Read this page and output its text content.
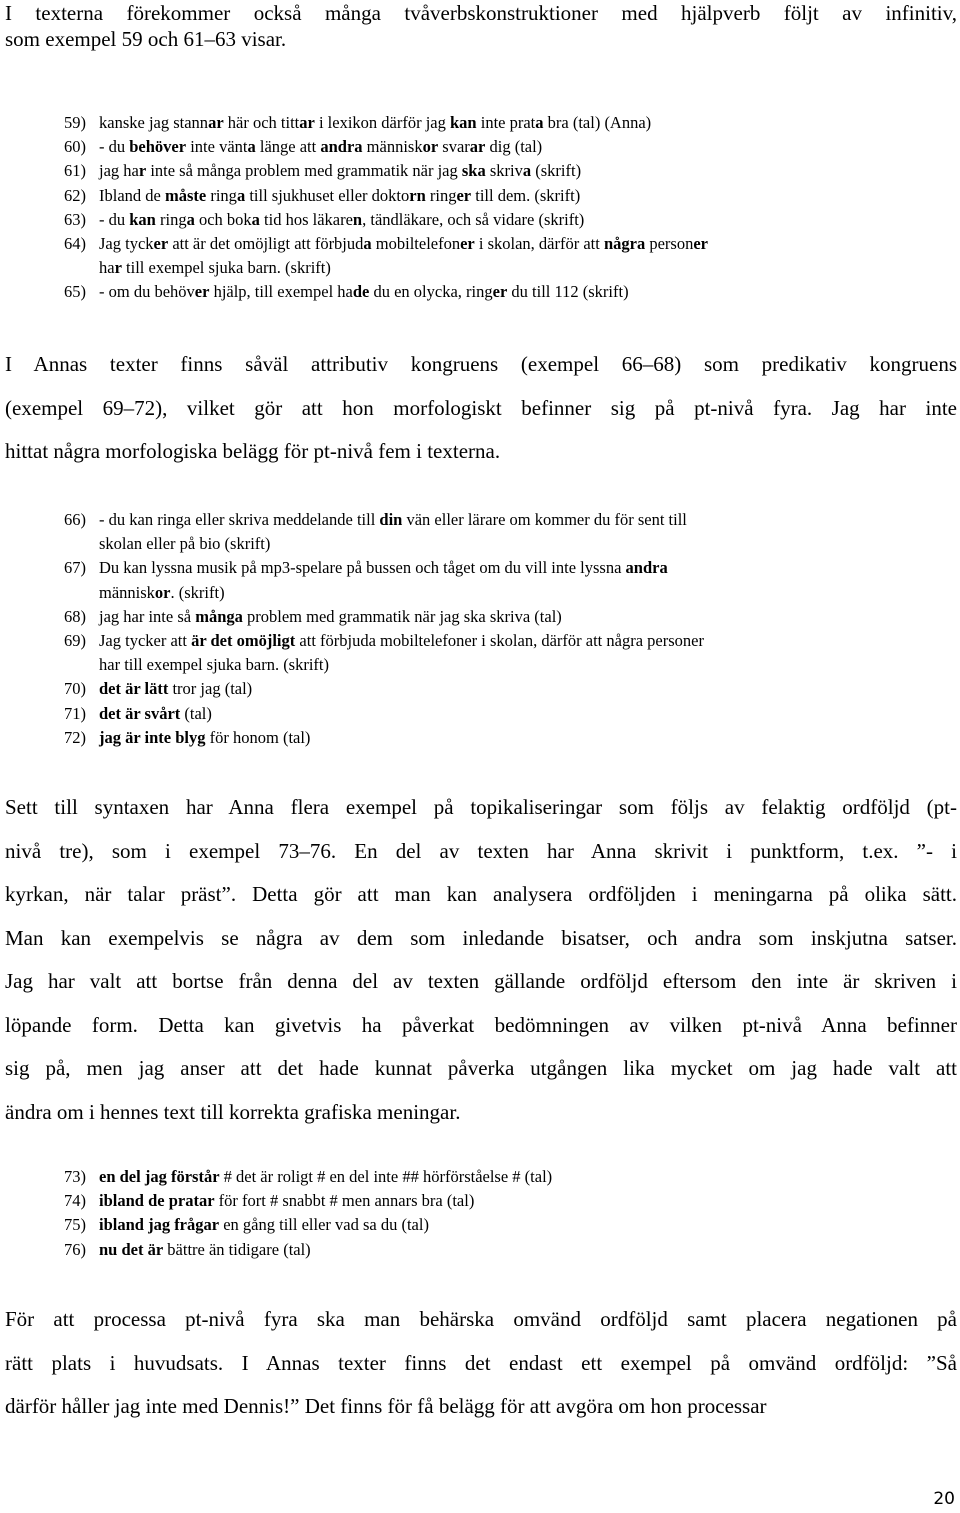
I texterna förekommer också många tvåverbskonstruktioner med hjälpverb följt av infinitiv,
som exempel 59 och 61–63 visar.
59) kanske jag stannar här och tittar i lexikon därför jag kan inte prata bra (tal) (Anna)
60) - du behöver inte vänta länge att andra människor svarar dig (tal)
61) jag har inte så många problem med grammatik när jag ska skriva (skrift)
62) Ibland de måste ringa till sjukhuset eller doktorn ringer till dem. (skrift)
63) - du kan ringa och boka tid hos läkaren, tändläkare, och så vidare (skrift)
64) Jag tycker att är det omöjligt att förbjuda mobiltelefoner i skolan, därför att några personer
har till exempel sjuka barn. (skrift)
65) - om du behöver hjälp, till exempel hade du en olycka, ringer du till 112 (skrift)
I Annas texter finns såväl attributiv kongruens (exempel 66–68) som predikativ kongruens
(exempel 69–72), vilket gör att hon morfologiskt befinner sig på pt-nivå fyra. Jag har inte
hittat några morfologiska belägg för pt-nivå fem i texterna.
66) - du kan ringa eller skriva meddelande till din vän eller lärare om kommer du för sent till
skolan eller på bio (skrift)
67) Du kan lyssna musik på mp3-spelare på bussen och tåget om du vill inte lyssna andra
människor. (skrift)
68) jag har inte så många problem med grammatik när jag ska skriva (tal)
69) Jag tycker att är det omöjligt att förbjuda mobiltelefoner i skolan, därför att några personer
har till exempel sjuka barn. (skrift)
70) det är lätt tror jag (tal)
71) det är svårt (tal)
72) jag är inte blyg för honom (tal)
Sett till syntaxen har Anna flera exempel på topikaliseringar som följs av felaktig ordföljd (pt-
nivå tre), som i exempel 73–76. En del av texten har Anna skrivit i punktform, t.ex. ”- i
kyrkan, när talar präst”. Detta gör att man kan analysera ordföljden i meningarna på olika sätt.
Man kan exempelvis se några av dem som inledande bisatser, och andra som inskjutna satser.
Jag har valt att bortse från denna del av texten gällande ordföljd eftersom den inte är skriven i
löpande form. Detta kan givetvis ha påverkat bedömningen av vilken pt-nivå Anna befinner
sig på, men jag anser att det hade kunnat påverka utgången lika mycket om jag hade valt att
ändra om i hennes text till korrekta grafiska meningar.
73) en del jag förstår # det är roligt # en del inte ## hörförståelse # (tal)
74) ibland de pratar för fort # snabbt # men annars bra (tal)
75) ibland jag frågar en gång till eller vad sa du (tal)
76) nu det är bättre än tidigare (tal)
För att processa pt-nivå fyra ska man behärska omvänd ordföljd samt placera negationen på
rätt plats i huvudsats. I Annas texter finns det endast ett exempel på omvänd ordföljd: ”Så
därför håller jag inte med Dennis!” Det finns för få belägg för att avgöra om hon processar
20
